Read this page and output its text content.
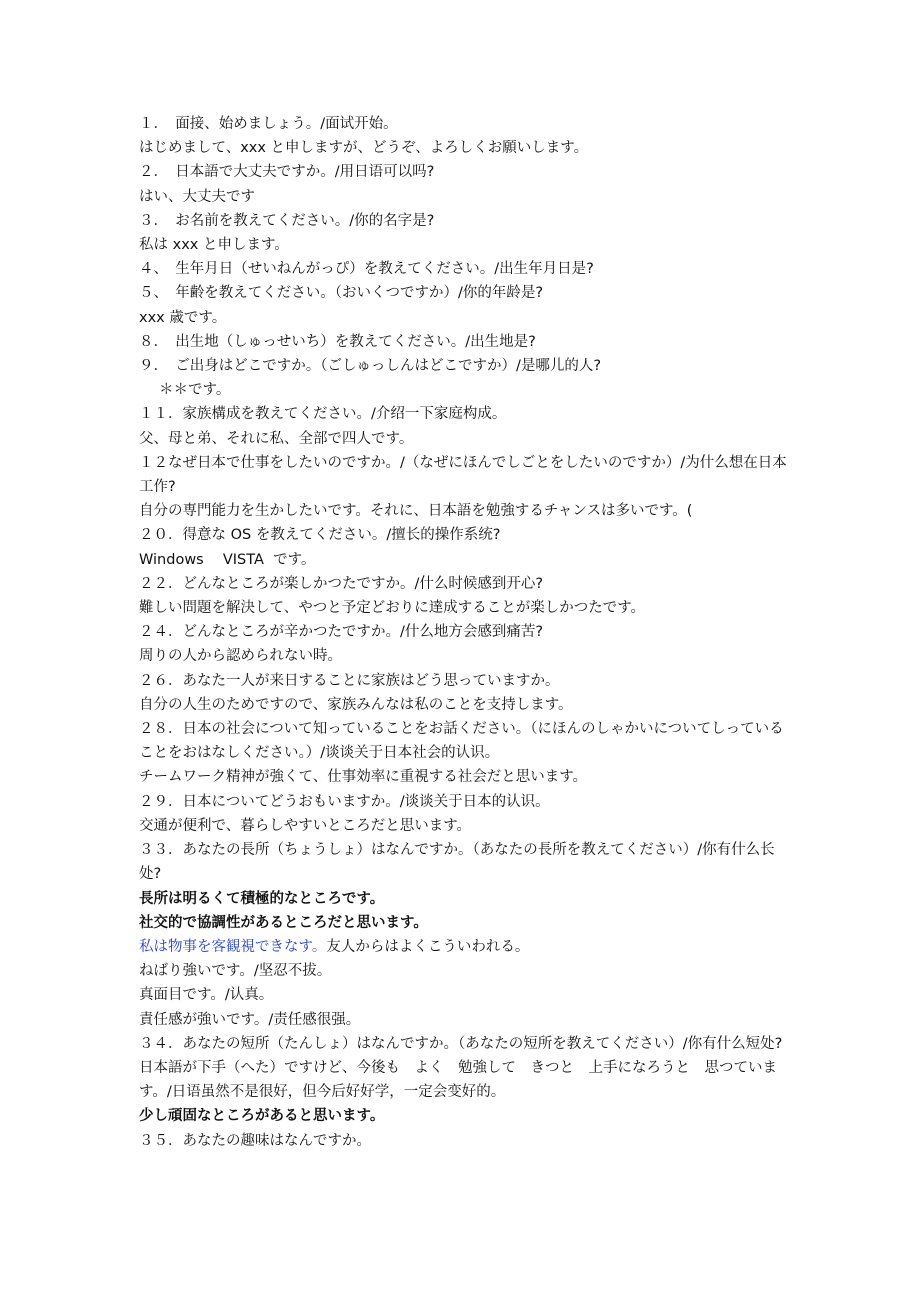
１．　面接、始めましょう。/面试开始。
はじめまして、xxx と申しますが、どうぞ、よろしくお願いします。
２．　日本語で大丈夫ですか。/用日语可以吗?
はい、大丈夫です
３．　お名前を教えてください。/你的名字是?
私は xxx と申します。
４、　生年月日（せいねんがっぴ）を教えてください。/出生年月日是?
５、　年齢を教えてください。（おいくつですか）/你的年龄是?
xxx 歳です。
８．　出生地（しゅっせいち）を教えてください。/出生地是?
９．　ご出身はどこですか。（ごしゅっしんはどこですか）/是哪儿的人?
＊＊です。
１１．家族構成を教えてください。/介绍一下家庭构成。
父、母と弟、それに私、全部で四人です。
１２なぜ日本で仕事をしたいのですか。/（なぜにほんでしごとをしたいのですか）/为什么想在日本工作?
自分の専門能力を生かしたいです。それに、日本語を勉強するチャンスは多いです。(
２０．得意な OS を教えてください。/擅长的操作系统?
Windows　 VISTA  です。
２２．どんなところが楽しかつたですか。/什么时候感到开心?
難しい問題を解決して、やつと予定どおりに達成することが楽しかつたです。
２４．どんなところが辛かつたですか。/什么地方会感到痛苦?
周りの人から認められない時。
２６．あなた一人が来日することに家族はどう思っていますか。
自分の人生のためですので、家族みんなは私のことを支持します。
２８．日本の社会について知っていることをお話ください。（にほんのしゃかいについてしっていることをおはなしください。）/谈谈关于日本社会的认识。
チームワーク精神が強くて、仕事効率に重視する社会だと思います。
２９．日本についてどうおもいますか。/谈谈关于日本的认识。
交通が便利で、暮らしやすいところだと思います。
３３．あなたの長所（ちょうしょ）はなんですか。（あなたの長所を教えてください）/你有什么长处?
長所は明るくて積極的なところです。
社交的で協調性があるところだと思います。
私は物事を客観視できなす。友人からはよくこういわれる。
ねばり強いです。/坚忍不拔。
真面目です。/认真。
責任感が強いです。/责任感很强。
３４．あなたの短所（たんしょ）はなんですか。（あなたの短所を教えてください）/你有什么短处?
日本語が下手（へた）ですけど、今後も　よく　勉強して　きつと　上手になろうと　思つています。/日语虽然不是很好，但今后好好学，一定会变好的。
少し頑固なところがあると思います。
３５．あなたの趣味はなんですか。
